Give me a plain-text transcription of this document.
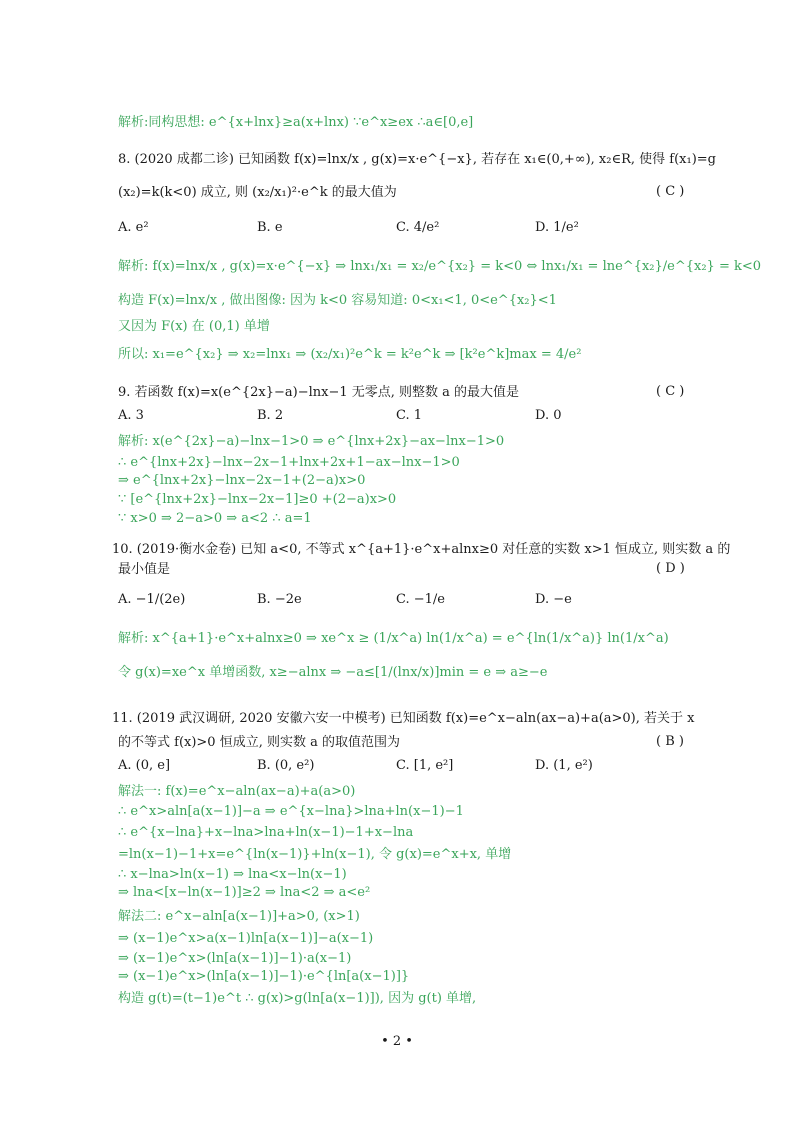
解析:同构思想: e^{x+lnx}≥a(x+lnx) ∵e^x≥ex ∴a∈[0,e]
8. (2020 成都二诊) 已知函数 f(x)=lnx/x , g(x)=x·e^{−x}, 若存在 x₁∈(0,+∞), x₂∈R, 使得 f(x₁)=g
(x₂)=k(k<0) 成立, 则 (x₂/x₁)²·e^k 的最大值为	( C )
A. e²	B. e	C. 4/e²	D. 1/e²
解析: f(x)=lnx/x , g(x)=x·e^{−x} ⇒ lnx₁/x₁ = x₂/e^{x₂} = k<0 ⇔ lnx₁/x₁ = lne^{x₂}/e^{x₂} = k<0
构造 F(x)=lnx/x , 做出图像: 因为 k<0 容易知道: 0<x₁<1, 0<e^{x₂}<1
又因为 F(x) 在 (0,1) 单增
所以: x₁=e^{x₂} ⇒ x₂=lnx₁ ⇒ (x₂/x₁)²e^k = k²e^k ⇒ [k²e^k]max = 4/e²
9. 若函数 f(x)=x(e^{2x}−a)−lnx−1 无零点, 则整数 a 的最大值是	( C )
A. 3	B. 2	C. 1	D. 0
解析: x(e^{2x}−a)−lnx−1>0 ⇒ e^{lnx+2x}−ax−lnx−1>0
∴ e^{lnx+2x}−lnx−2x−1+lnx+2x+1−ax−lnx−1>0
⇒ e^{lnx+2x}−lnx−2x−1+(2−a)x>0
∵ [e^{lnx+2x}−lnx−2x−1]≥0 +(2−a)x>0
∵ x>0 ⇒ 2−a>0 ⇒ a<2 ∴ a=1
10. (2019·衡水金卷) 已知 a<0, 不等式 x^{a+1}·e^x+alnx≥0 对任意的实数 x>1 恒成立, 则实数 a 的
最小值是	( D )
A. −1/(2e)	B. −2e	C. −1/e	D. −e
解析: x^{a+1}·e^x+alnx≥0 ⇒ xe^x ≥ (1/x^a) ln(1/x^a) = e^{ln(1/x^a)} ln(1/x^a)
令 g(x)=xe^x 单增函数, x≥−alnx ⇒ −a≤[1/(lnx/x)]min = e ⇒ a≥−e
11. (2019 武汉调研, 2020 安徽六安一中模考) 已知函数 f(x)=e^x−aln(ax−a)+a(a>0), 若关于 x
的不等式 f(x)>0 恒成立, 则实数 a 的取值范围为	( B )
A. (0, e]	B. (0, e²)	C. [1, e²]	D. (1, e²)
解法一: f(x)=e^x−aln(ax−a)+a(a>0)
∴ e^x>aln[a(x−1)]−a ⇒ e^{x−lna}>lna+ln(x−1)−1
∴ e^{x−lna}+x−lna>lna+ln(x−1)−1+x−lna
=ln(x−1)−1+x=e^{ln(x−1)}+ln(x−1), 令 g(x)=e^x+x, 单增
∴ x−lna>ln(x−1) ⇒ lna<x−ln(x−1)
⇒ lna<[x−ln(x−1)]≥2 ⇒ lna<2 ⇒ a<e²
解法二: e^x−aln[a(x−1)]+a>0, (x>1)
⇒ (x−1)e^x>a(x−1)ln[a(x−1)]−a(x−1)
⇒ (x−1)e^x>(ln[a(x−1)]−1)·a(x−1)
⇒ (x−1)e^x>(ln[a(x−1)]−1)·e^{ln[a(x−1)]}
构造 g(t)=(t−1)e^t ∴ g(x)>g(ln[a(x−1)]), 因为 g(t) 单增,
• 2 •
